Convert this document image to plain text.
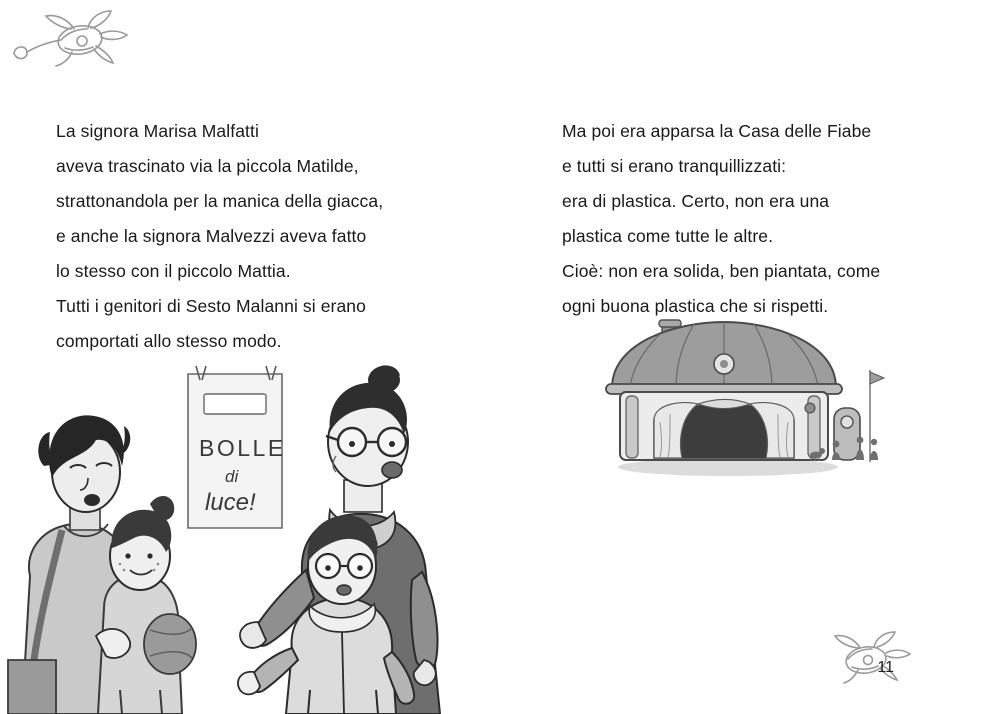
La signora Marisa Malfatti
aveva trascinato via la piccola Matilde,
strattonandola per la manica della giacca,
e anche la signora Malvezzi aveva fatto
lo stesso con il piccolo Mattia.
Tutti i genitori di Sesto Malanni si erano
comportati allo stesso modo.

Ma poi era apparsa la Casa delle Fiabe
e tutti si erano tranquillizzati:
era di plastica. Certo, non era una
plastica come tutte le altre.
Cioè: non era solida, ben piantata, come
ogni buona plastica che si rispetti.

BOLLE
di
luce!
11
